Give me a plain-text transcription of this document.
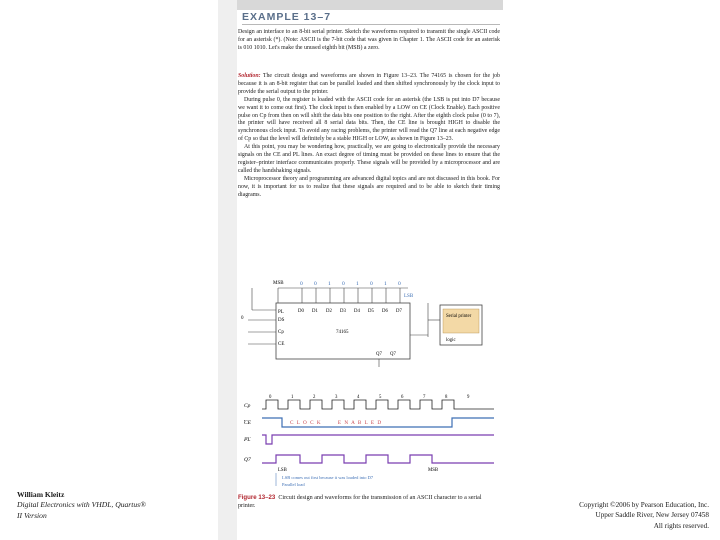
EXAMPLE 13–7

Design an interface to an 8-bit serial printer. Sketch the waveforms required to transmit the single ASCII code for an asterisk (*). (Note: ASCII is the 7-bit code that was given in Chapter 1. The ASCII code for an asterisk is 010 1010. Let's make the unused eighth bit (MSB) a zero.

Solution: The circuit design and waveforms are shown in Figure 13–23. The 74165 is chosen for the job because it is an 8-bit register that can be parallel loaded and then shifted synchronously by the clock input to provide the serial output to the printer.

During pulse 0, the register is loaded with the ASCII code for an asterisk (the LSB is put into D7 because we want it to come out first). The clock input is then enabled by a LOW on CE (Clock Enable). Each positive pulse on Cp from then on will shift the data bits one position to the right. After the eighth clock pulse (0 to 7), the printer will have received all 8 serial data bits. Then, the CE line is brought HIGH to disable the synchronous clock input. To avoid any racing problems, the printer will read the Q7 line at each negative edge of Cp so that the level will definitely be a stable HIGH or LOW, as shown in Figure 13–23.

At this point, you may be wondering how, practically, we are going to electronically provide the necessary signals on the CE and PL lines. An exact degree of timing must be provided on these lines to ensure that the register–printer interface communicates properly. These signals will be provided by a microprocessor and are called the handshaking signals.

Microprocessor theory and programming are advanced digital topics and are not discussed in this book. For now, it is important for us to realize that these signals are required and to be able to sketch their timing diagrams.

MSB	0 0 1 0 1 0 1 0
LSB
PL
DS
Cp
CE
D0 D1 D2 D3 D4 D5 D6 D7
74165
Q7 Q7
0	Serial printer
logic
Cp
CE
PL
Q7
0	1	2	3	4	5	6	7	8	9
C L O C K	E N A B L E D
LSB	MSB
LSB comes out first because it was loaded into D7
Parallel load
Figure 13–23 Circuit design and waveforms for the transmission of an ASCII character to a serial printer.
William Kleitz
Digital Electronics with VHDL, Quartus®
II Version
Copyright ©2006 by Pearson Education, Inc.
Upper Saddle River, New Jersey 07458
All rights reserved.
